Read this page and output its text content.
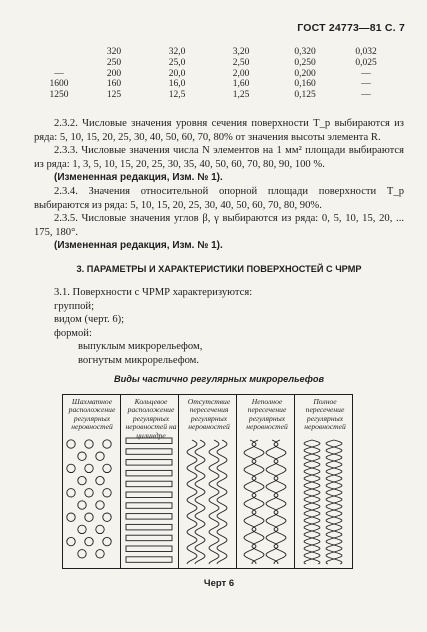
ГОСТ 24773—81 С. 7
	320	32,0	3,20	0,320	0,032
	250	25,0	2,50	0,250	0,025
—	200	20,0	2,00	0,200	—
1600	160	16,0	1,60	0,160	—
1250	125	12,5	1,25	0,125	—

2.3.2. Числовые значения уровня сечения поверхности T_p выбираются из ряда: 5, 10, 15, 20, 25, 30, 40, 50, 60, 70, 80% от значения высоты элемента R.

2.3.3. Числовые значения числа N элементов на 1 мм² площади выбираются из ряда: 1, 3, 5, 10, 15, 20, 25, 30, 35, 40, 50, 60, 70, 80, 90, 100 %.

(Измененная редакция, Изм. № 1).

2.3.4. Значения относительной опорной площади поверхности T_p выбираются из ряда: 5, 10, 15, 20, 25, 30, 40, 50, 60, 70, 80, 90%.

2.3.5. Числовые значения углов β, γ выбираются из ряда: 0, 5, 10, 15, 20, ... 175, 180°.

(Измененная редакция, Изм. № 1).

3. ПАРАМЕТРЫ И ХАРАКТЕРИСТИКИ ПОВЕРХНОСТЕЙ С ЧРМР

3.1. Поверхности с ЧРМР характеризуются:

группой;

видом (черт. 6);

формой:

выпуклым микрорельефом,

вогнутым микрорельефом.

Виды частично регулярных микрорельефов
Шахматное расположение регулярных неровностей
Кольцевое расположение регулярных неровностей на цилиндре
Отсутствие пересечения регулярных неровностей
Неполное пересечение регулярных неровностей
Полное пересечение регулярных неровностей
Черт 6
